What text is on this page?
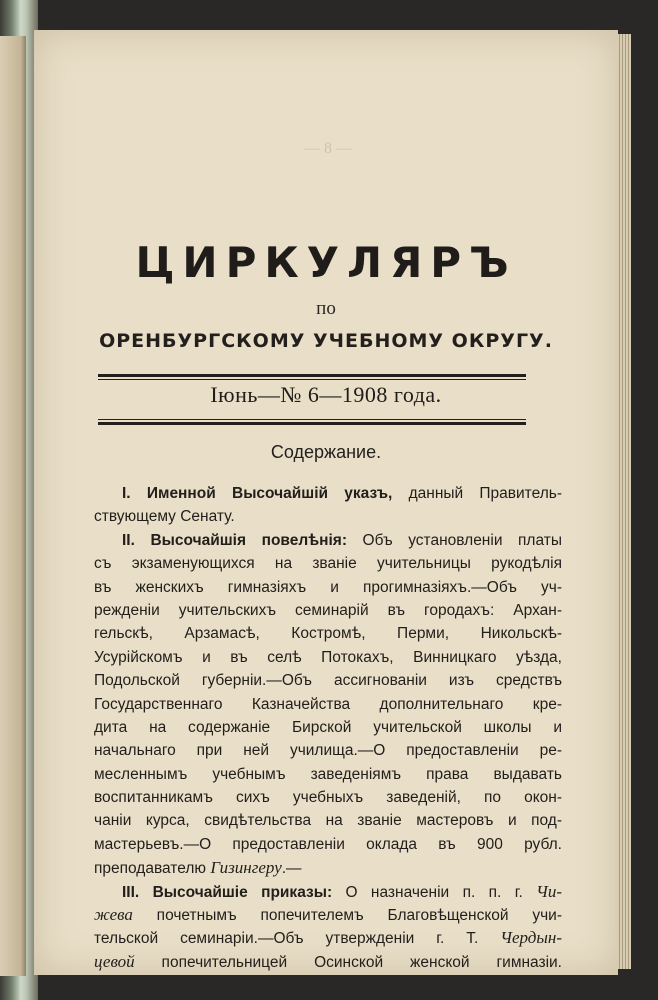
— 8 —
ЦИРКУЛЯРЪ
по
ОРЕНБУРГСКОМУ УЧЕБНОМУ ОКРУГУ.
Іюнь—№ 6—1908 года.
Содержание.
I. Именной Высочайшій указъ, данный Правитель-
ствующему Сенату.
II. Высочайшія повелѣнія: Объ установленіи платы
съ экзаменующихся на званіе учительницы рукодѣлія
въ женскихъ гимназіяхъ и прогимназіяхъ.—Объ уч-
режденіи учительскихъ семинарій въ городахъ: Архан-
гельскѣ, Арзамасѣ, Костромѣ, Перми, Никольскѣ-
Усурійскомъ и въ селѣ Потокахъ, Винницкаго уѣзда,
Подольской губерніи.—Объ ассигнованіи изъ средствъ
Государственнаго Казначейства дополнительнаго кре-
дита на содержаніе Бирской учительской школы и
начальнаго при ней училища.—О предоставленіи ре-
месленнымъ учебнымъ заведеніямъ права выдавать
воспитанникамъ сихъ учебныхъ заведеній, по окон-
чаніи курса, свидѣтельства на званіе мастеровъ и под-
мастерьевъ.—О предоставленіи оклада въ 900 рубл.
преподавателю Гизингеру.—
III. Высочайшіе приказы: О назначеніи п. п. г. Чи-
жева почетнымъ попечителемъ Благовѣщенской учи-
тельской семинаріи.—Объ утвержденіи г. Т. Чердын-
цевой попечительницей Осинской женской гимназіи.
